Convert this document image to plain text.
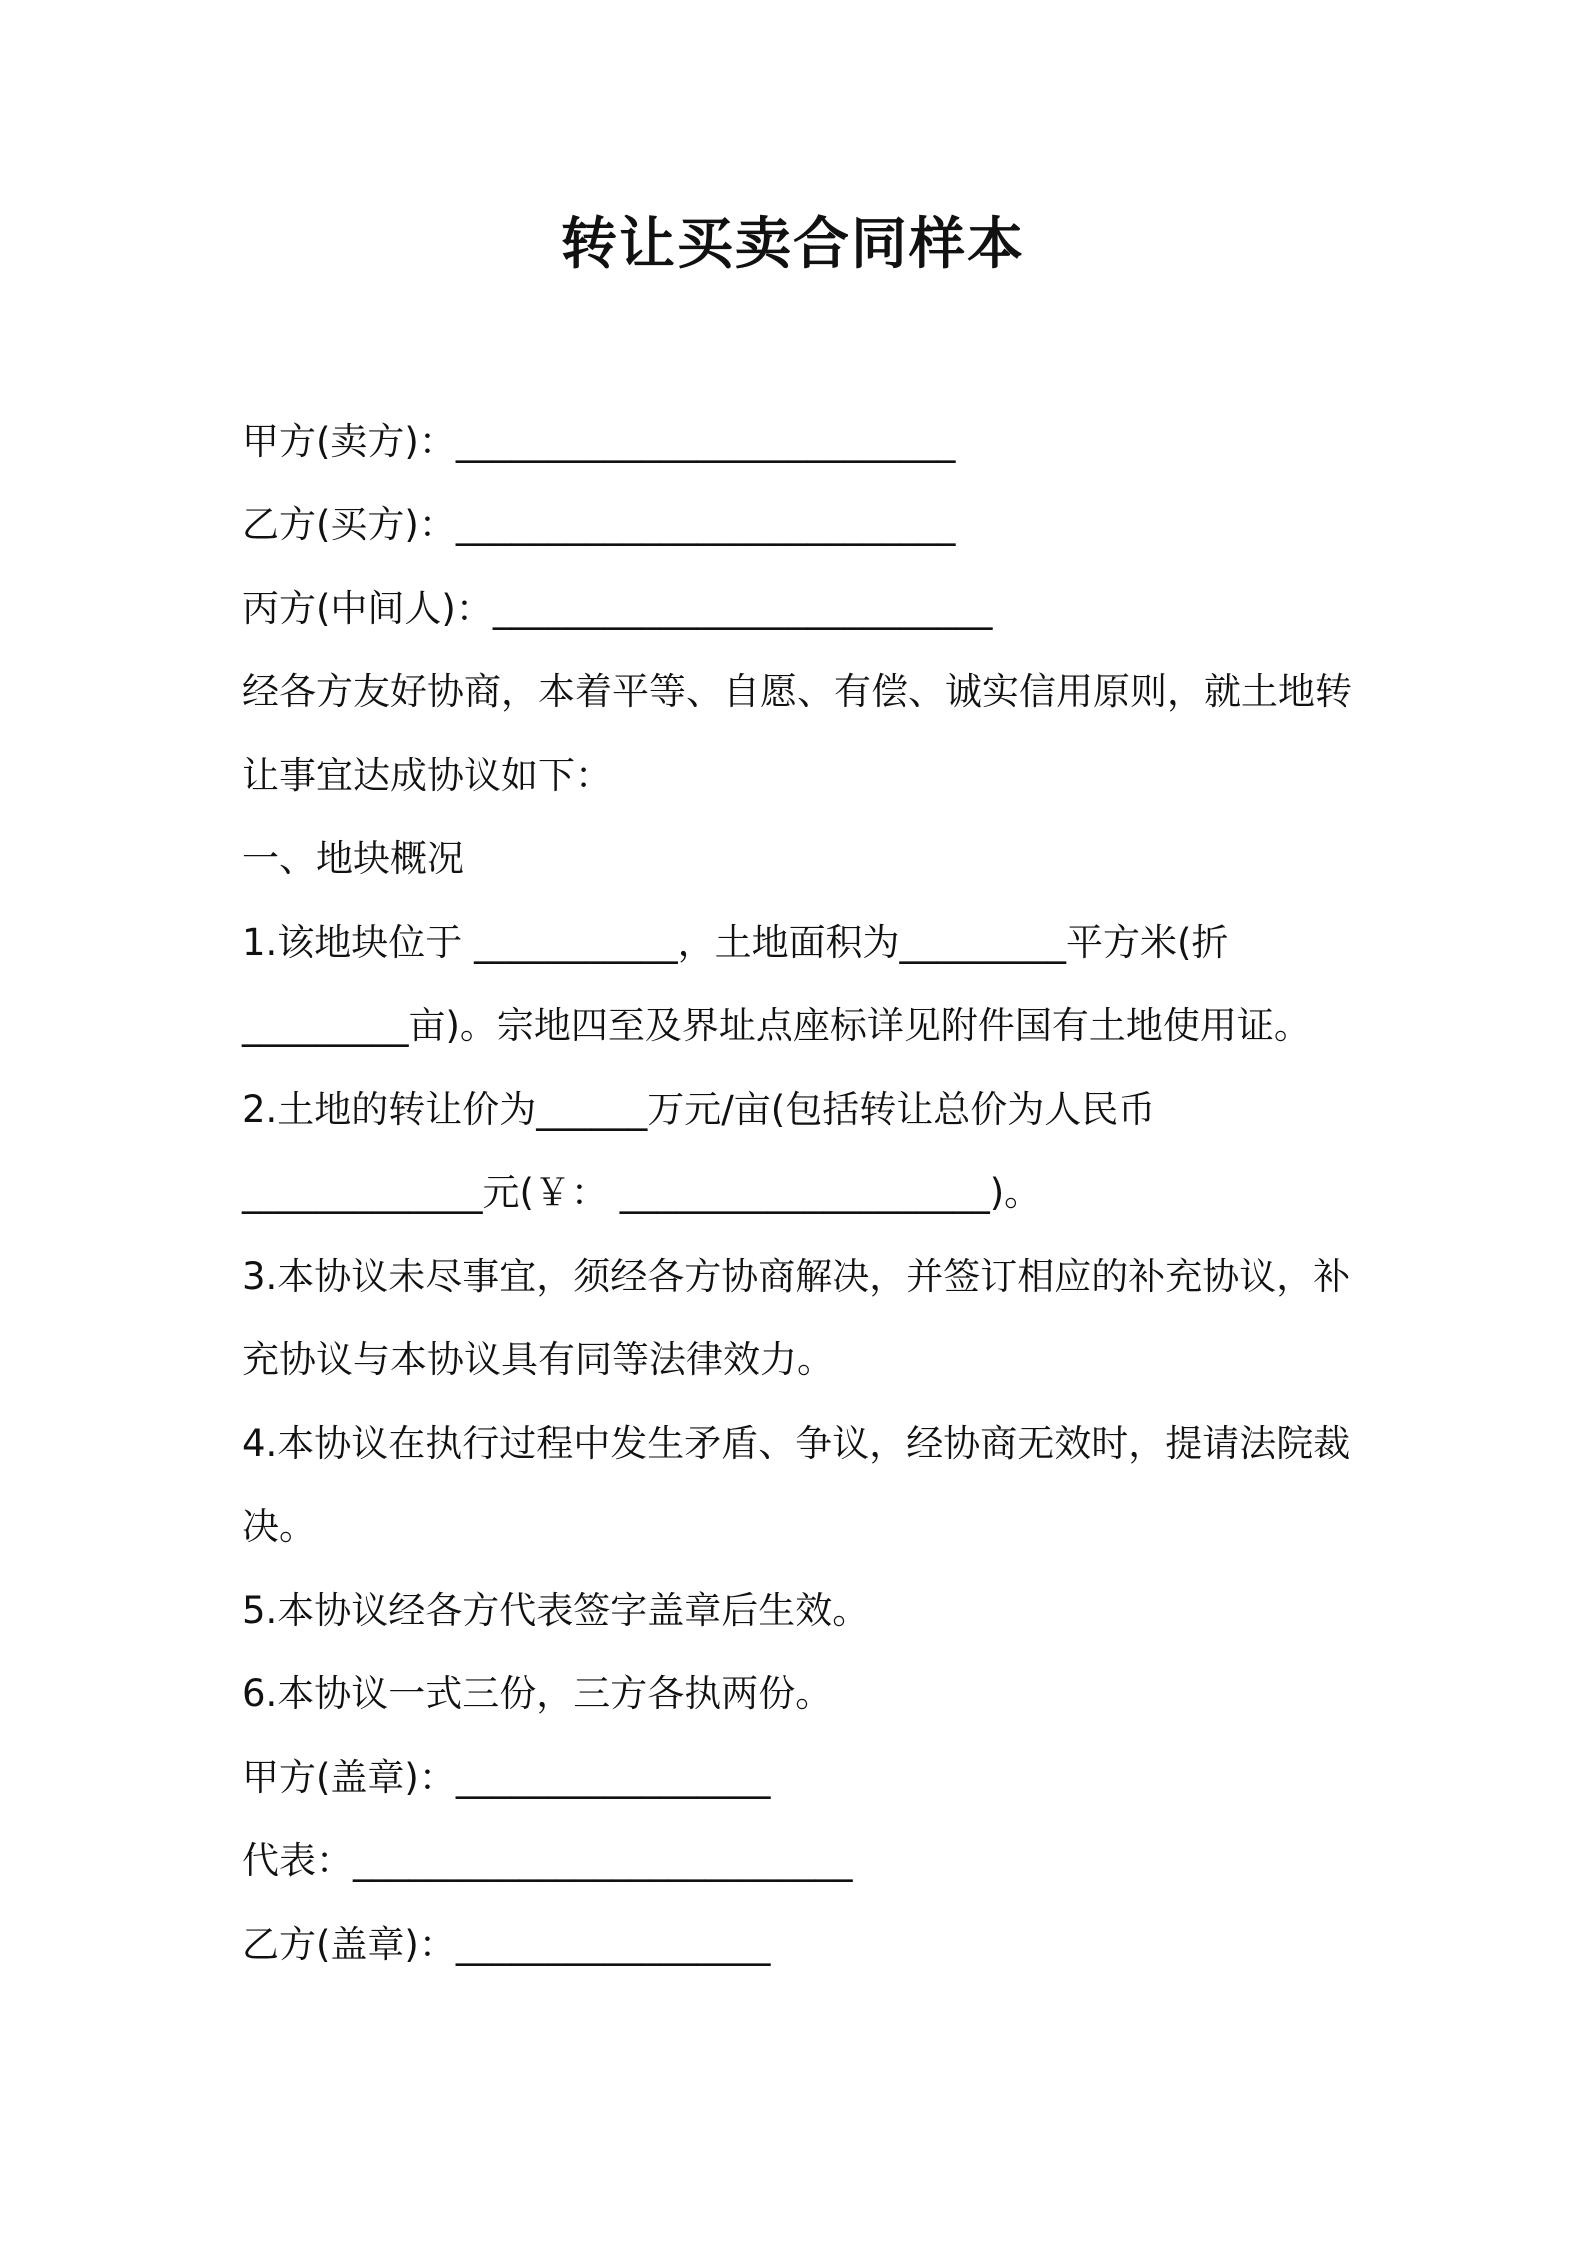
转让买卖合同样本
甲方(卖方)：___________________________
乙方(买方)：___________________________
丙方(中间人)：___________________________
经各方友好协商，本着平等、自愿、有偿、诚实信用原则，就土地转
让事宜达成协议如下：
一、地块概况
1.该地块位于 ___________，土地面积为_________平方米(折
_________亩)。宗地四至及界址点座标详见附件国有土地使用证。
2.土地的转让价为______万元/亩(包括转让总价为人民币
_____________元(￥： ____________________)。
3.本协议未尽事宜，须经各方协商解决，并签订相应的补充协议，补
充协议与本协议具有同等法律效力。
4.本协议在执行过程中发生矛盾、争议，经协商无效时，提请法院裁
决。
5.本协议经各方代表签字盖章后生效。
6.本协议一式三份，三方各执两份。
甲方(盖章)：_________________
代表：___________________________
乙方(盖章)：_________________
